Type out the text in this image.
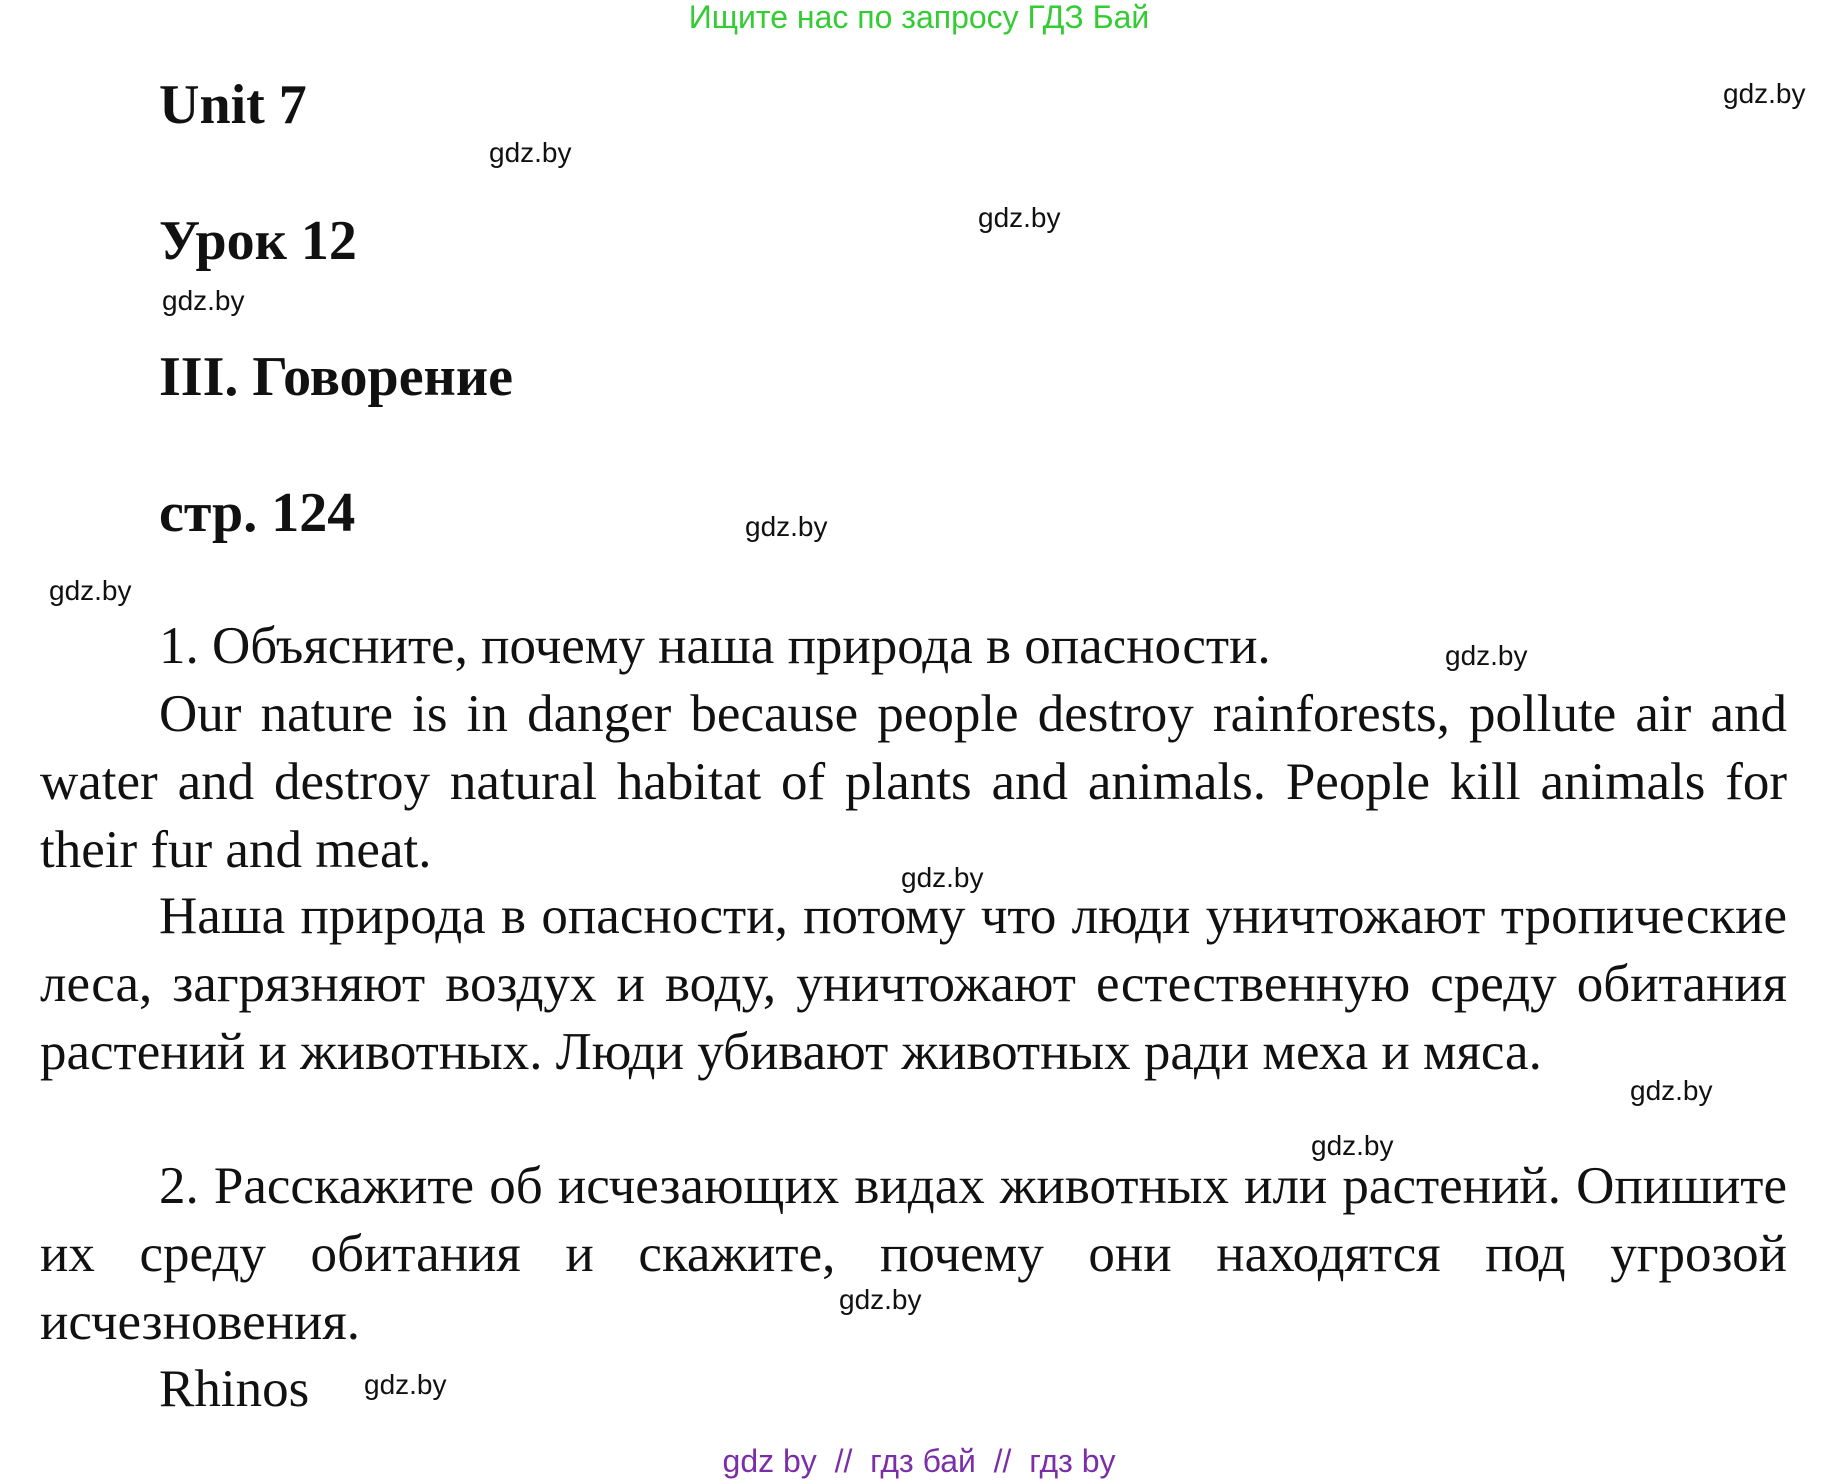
Ищите нас по запросу ГДЗ Бай
gdz.by
Unit 7
gdz.by
gdz.by
Урок 12
gdz.by
III. Говорение
стр. 124	gdz.by
gdz.by
1. Объясните, почему наша природа в опасности.	gdz.by
Our nature is in danger because people destroy rainforests, pollute air and water and destroy natural habitat of plants and animals. People kill animals for their fur and meat.	gdz.by
Наша природа в опасности, потому что люди уничтожают тропические леса, загрязняют воздух и воду, уничтожают естественную среду обитания растений и животных. Люди убивают животных ради меха и мяса.
gdz.by
gdz.by
2. Расскажите об исчезающих видах животных или растений. Опишите их среду обитания и скажите, почему они находятся под угрозой исчезновения.	gdz.by
Rhinos gdz.by
gdz by  //  гдз бай  //  гдз by
